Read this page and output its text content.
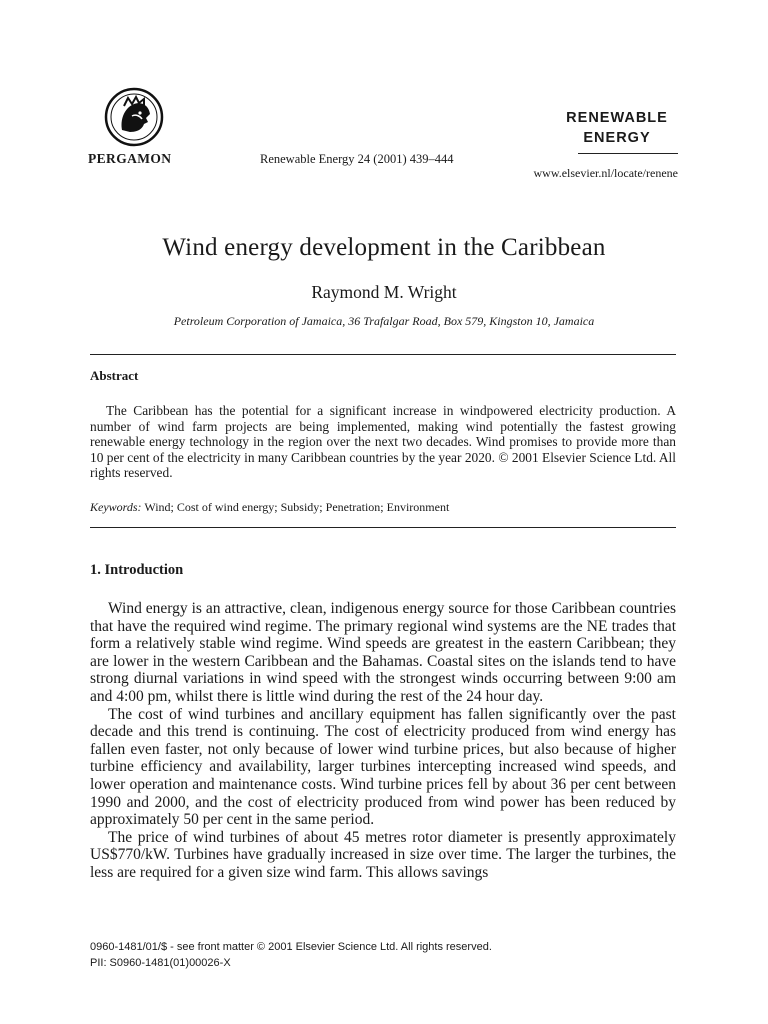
PERGAMON	Renewable Energy 24 (2001) 439–444
RENEWABLE
ENERGY
www.elsevier.nl/locate/renene
Wind energy development in the Caribbean
Raymond M. Wright
Petroleum Corporation of Jamaica, 36 Trafalgar Road, Box 579, Kingston 10, Jamaica
Abstract
The Caribbean has the potential for a significant increase in windpowered electricity production. A number of wind farm projects are being implemented, making wind potentially the fastest growing renewable energy technology in the region over the next two decades. Wind promises to provide more than 10 per cent of the electricity in many Caribbean countries by the year 2020. © 2001 Elsevier Science Ltd. All rights reserved.
Keywords: Wind; Cost of wind energy; Subsidy; Penetration; Environment
1. Introduction

Wind energy is an attractive, clean, indigenous energy source for those Caribbean countries that have the required wind regime. The primary regional wind systems are the NE trades that form a relatively stable wind regime. Wind speeds are greatest in the eastern Caribbean; they are lower in the western Caribbean and the Bahamas. Coastal sites on the islands tend to have strong diurnal variations in wind speed with the strongest winds occurring between 9:00 am and 4:00 pm, whilst there is little wind during the rest of the 24 hour day.

The cost of wind turbines and ancillary equipment has fallen significantly over the past decade and this trend is continuing. The cost of electricity produced from wind energy has fallen even faster, not only because of lower wind turbine prices, but also because of higher turbine efficiency and availability, larger turbines intercepting increased wind speeds, and lower operation and maintenance costs. Wind turbine prices fell by about 36 per cent between 1990 and 2000, and the cost of electricity produced from wind power has been reduced by approximately 50 per cent in the same period.

The price of wind turbines of about 45 metres rotor diameter is presently approximately US$770/kW. Turbines have gradually increased in size over time. The larger the turbines, the less are required for a given size wind farm. This allows savings

0960-1481/01/$ - see front matter © 2001 Elsevier Science Ltd. All rights reserved.
PII: S0960-1481(01)00026-X
